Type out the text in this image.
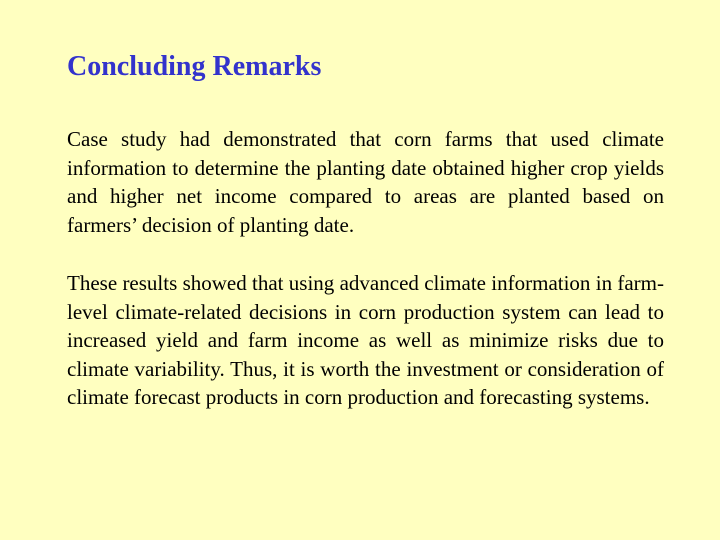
Concluding Remarks

Case study had demonstrated that corn farms that used climate information to determine the planting date obtained higher crop yields and higher net income compared to areas are planted based on farmers’ decision of planting date.

These results showed that using advanced climate information in farm-level climate-related decisions in corn production system can lead to increased yield and farm income as well as minimize risks due to climate variability. Thus, it is worth the investment or consideration of climate forecast products in corn production and forecasting systems.
